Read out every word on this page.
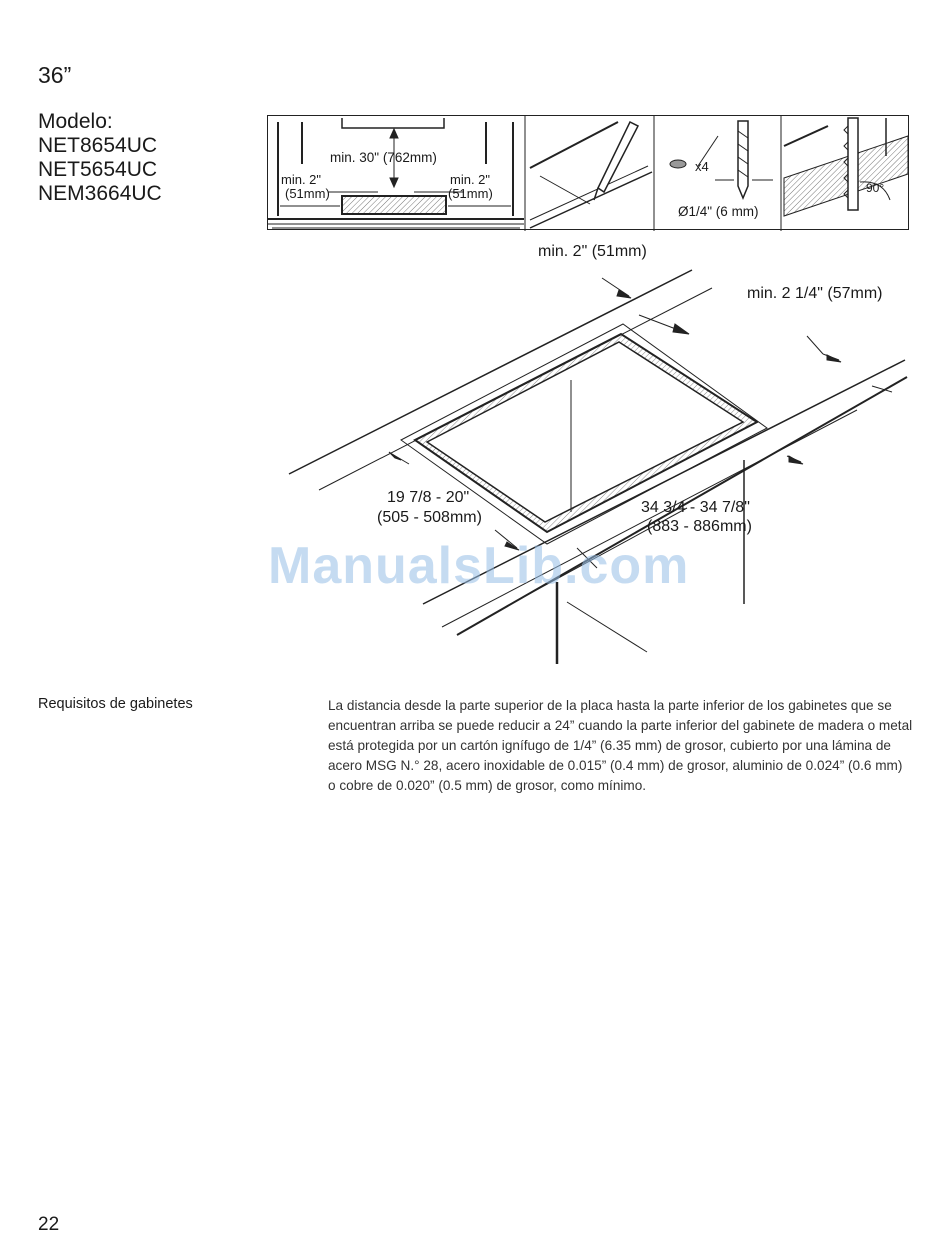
36”
Modelo:
NET8654UC
NET5654UC
NEM3664UC
min. 30" (762mm)
min. 2"
(51mm)
min. 2"
(51mm)
x4
Ø1/4" (6 mm)
90°
min. 2" (51mm)
min. 2 1/4" (57mm)
19 7/8 - 20"
(505 - 508mm)
34 3/4 - 34 7/8"
(883 - 886mm)
ManualsLib.com
Requisitos de gabinetes	La distancia desde la parte superior de la placa hasta la parte inferior de los gabinetes que se encuentran arriba se puede reducir a 24” cuando la parte inferior del gabinete de madera o metal está protegida por un cartón ignífugo de 1/4” (6.35 mm) de grosor, cubierto por una lámina de acero MSG N.° 28, acero inoxidable de 0.015” (0.4 mm) de grosor, aluminio de 0.024” (0.6 mm) o cobre de 0.020” (0.5 mm) de grosor, como mínimo.
22
